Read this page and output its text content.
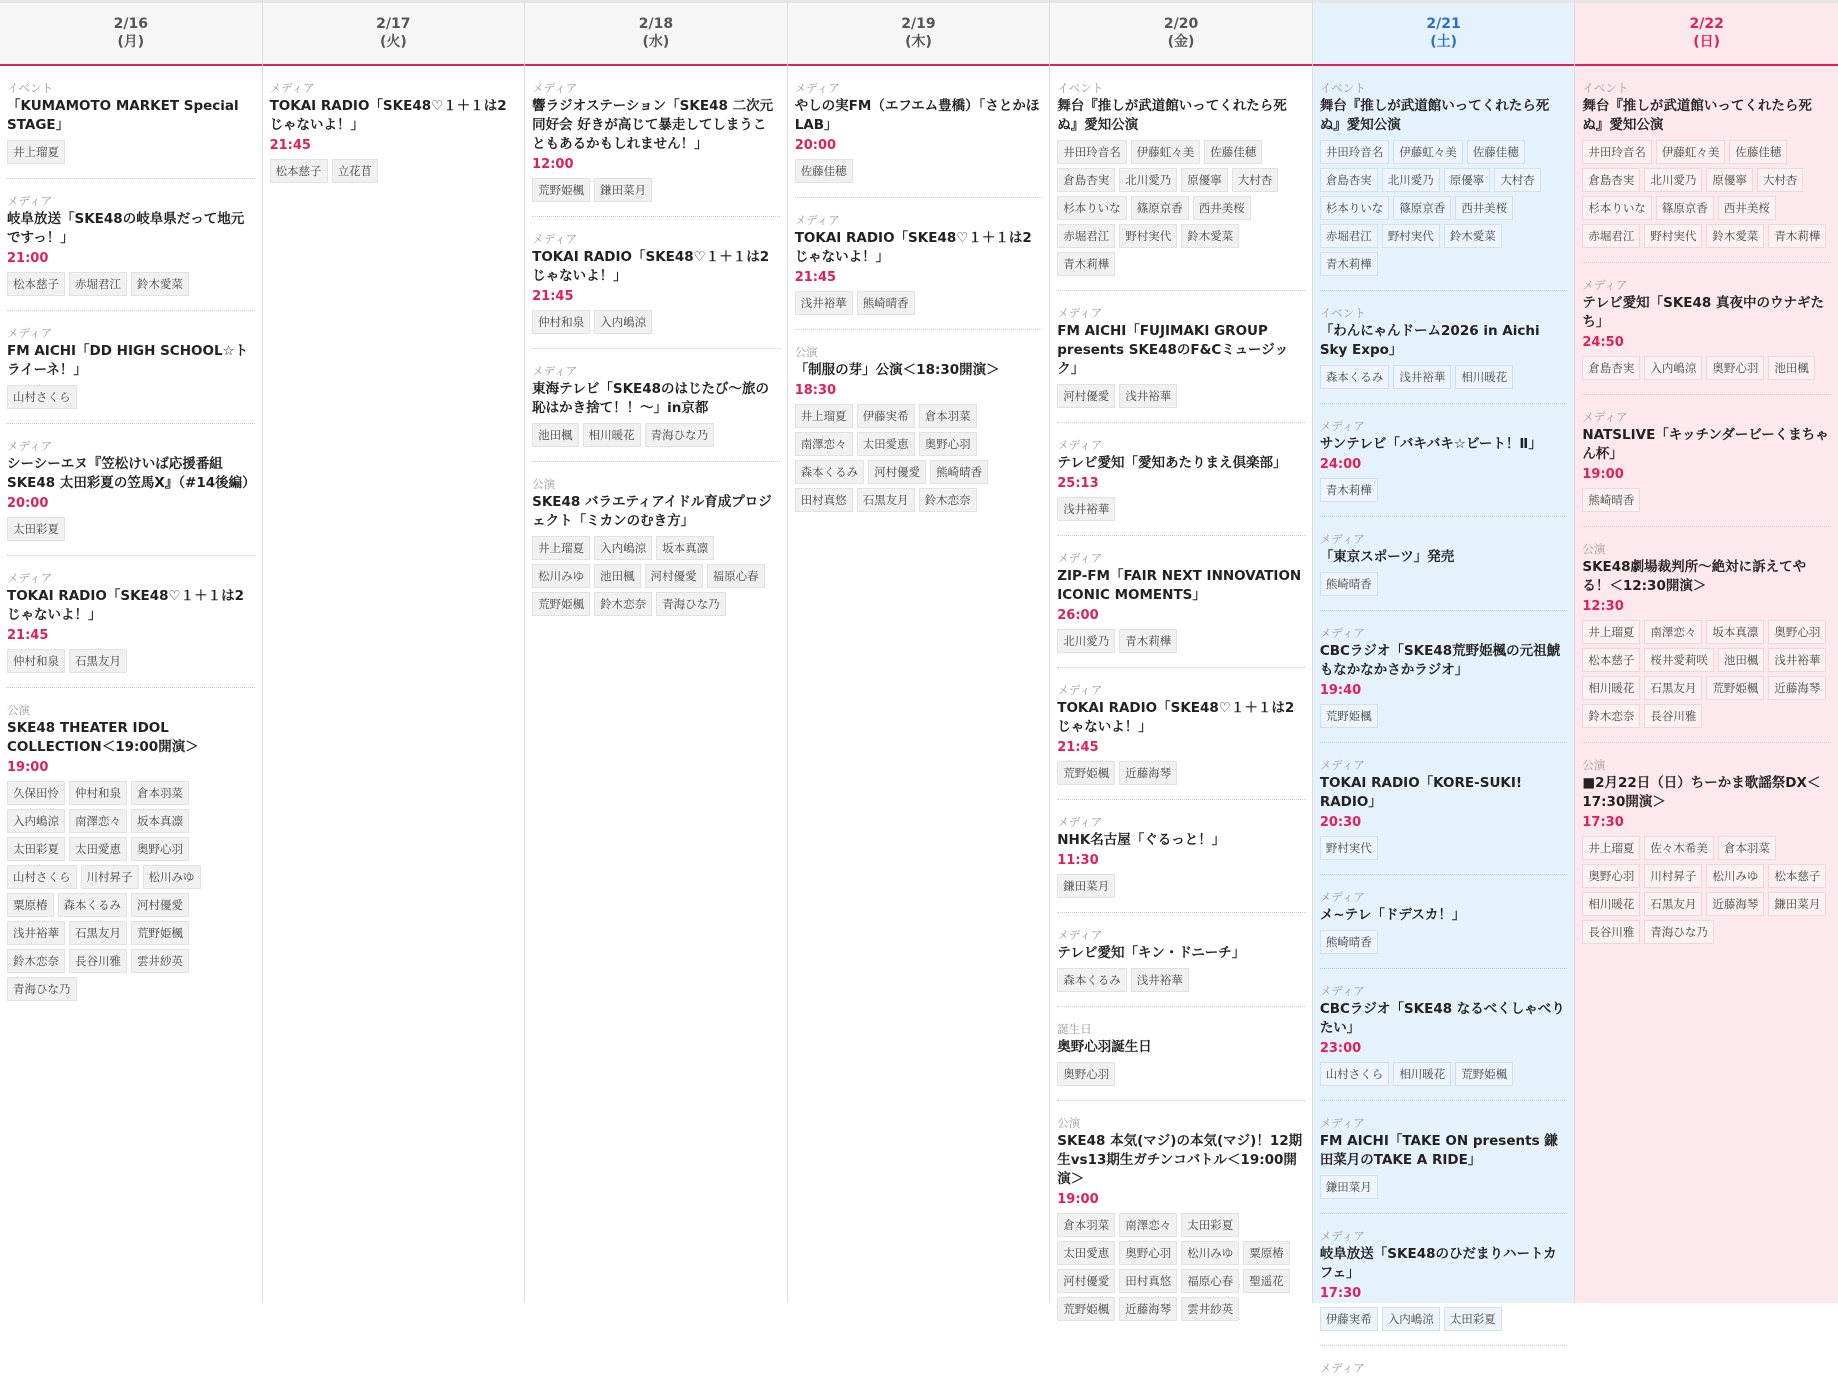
2/16
(月)
イベント
「KUMAMOTO MARKET Special STAGE」
井上瑠夏
メディア
岐阜放送「SKE48の岐阜県だって地元ですっ！」
21:00
松本慈子 赤堀君江 鈴木愛菜
メディア
FM AICHI「DD HIGH SCHOOL☆トライーネ！」
山村さくら
メディア
シーシーエヌ『笠松けいば応援番組 SKE48 太田彩夏の笠馬X』（#14後編）
20:00
太田彩夏
メディア
TOKAI RADIO「SKE48♡１＋１は2じゃないよ！」
21:45
仲村和泉 石黒友月
公演
SKE48 THEATER IDOL COLLECTION＜19:00開演＞
19:00
久保田怜 仲村和泉 倉本羽菜入内嶋涼 南澤恋々 坂本真凛太田彩夏 太田愛恵 奥野心羽山村さくら 川村昇子 松川みゆ粟原椿 森本くるみ 河村優愛浅井裕華 石黒友月 荒野姫楓鈴木恋奈 長谷川雅 雲井紗英青海ひな乃
2/17
(火)
メディア
TOKAI RADIO「SKE48♡１＋１は2じゃないよ！」
21:45
松本慈子 立花苜
2/18
(水)
メディア
響ラジオステーション「SKE48 二次元同好会 好きが高じて暴走してしまうこともあるかもしれません！」
12:00
荒野姫楓 鎌田菜月
メディア
TOKAI RADIO「SKE48♡１＋１は2じゃないよ！」
21:45
仲村和泉 入内嶋涼
メディア
東海テレビ「SKE48のはじたび～旅の恥はかき捨て！！～」in京都
池田楓 相川暖花 青海ひな乃
公演
SKE48 バラエティアイドル育成プロジェクト「ミカンのむき方」
井上瑠夏 入内嶋涼 坂本真凛松川みゆ 池田楓 河村優愛 福原心春荒野姫楓 鈴木恋奈 青海ひな乃
2/19
(木)
メディア
やしの実FM（エフエム豊橋）「さとかほLAB」
20:00
佐藤佳穂
メディア
TOKAI RADIO「SKE48♡１＋１は2じゃないよ！」
21:45
浅井裕華 熊崎晴香
公演
「制服の芽」公演＜18:30開演＞
18:30
井上瑠夏 伊藤実希 倉本羽菜南澤恋々 太田愛恵 奥野心羽森本くるみ 河村優愛 熊崎晴香田村真悠 石黒友月 鈴木恋奈
2/20
(金)
イベント
舞台『推しが武道館いってくれたら死ぬ』愛知公演
井田玲音名 伊藤虹々美 佐藤佳穂倉島杏実 北川愛乃 原優寧 大村杏杉本りいな 篠原京香 西井美桜赤堀君江 野村実代 鈴木愛菜青木莉樺
メディア
FM AICHI「FUJIMAKI GROUP presents SKE48のF&Cミュージック」
河村優愛 浅井裕華
メディア
テレビ愛知「愛知あたりまえ倶楽部」
25:13
浅井裕華
メディア
ZIP-FM「FAIR NEXT INNOVATION ICONIC MOMENTS」
26:00
北川愛乃 青木莉樺
メディア
TOKAI RADIO「SKE48♡１＋１は2じゃないよ！」
21:45
荒野姫楓 近藤海琴
メディア
NHK名古屋「ぐるっと！」
11:30
鎌田菜月
メディア
テレビ愛知「キン・ドニーチ」
森本くるみ 浅井裕華
誕生日
奥野心羽誕生日
奥野心羽
公演
SKE48 本気(マジ)の本気(マジ)！12期生vs13期生ガチンコバトル＜19:00開演＞
19:00
倉本羽菜 南澤恋々 太田彩夏太田愛恵 奥野心羽 松川みゆ 粟原椿河村優愛 田村真悠 福原心春 聖遥花荒野姫楓 近藤海琴 雲井紗英
2/21
(土)
イベント
舞台『推しが武道館いってくれたら死ぬ』愛知公演
井田玲音名 伊藤虹々美 佐藤佳穂倉島杏実 北川愛乃 原優寧 大村杏杉本りいな 篠原京香 西井美桜赤堀君江 野村実代 鈴木愛菜青木莉樺
イベント
「わんにゃんドーム2026 in Aichi Sky Expo」
森本くるみ 浅井裕華 相川暖花
メディア
サンテレビ「バキバキ☆ビート！Ⅱ」
24:00
青木莉樺
メディア
「東京スポーツ」発売
熊崎晴香
メディア
CBCラジオ「SKE48荒野姫楓の元祖鯱もなかなかさかラジオ」
19:40
荒野姫楓
メディア
TOKAI RADIO「KORE-SUKI! RADIO」
20:30
野村実代
メディア
メ~テレ「ドデスカ！」
熊崎晴香
メディア
CBCラジオ「SKE48 なるべくしゃべりたい」
23:00
山村さくら 相川暖花 荒野姫楓
メディア
FM AICHI「TAKE ON presents 鎌田菜月のTAKE A RIDE」
鎌田菜月
メディア
岐阜放送「SKE48のひだまりハートカフェ」
17:30
伊藤実希 入内嶋涼 太田彩夏
メディア
2/22
(日)
イベント
舞台『推しが武道館いってくれたら死ぬ』愛知公演
井田玲音名 伊藤虹々美 佐藤佳穂倉島杏実 北川愛乃 原優寧 大村杏杉本りいな 篠原京香 西井美桜赤堀君江 野村実代 鈴木愛菜 青木莉樺
メディア
テレビ愛知「SKE48 真夜中のウナギたち」
24:50
倉島杏実 入内嶋涼 奥野心羽 池田楓
メディア
NATSLIVE「キッチンダービーくまちゃん杯」
19:00
熊崎晴香
公演
SKE48劇場裁判所～絶対に訴えてやる！＜12:30開演＞
12:30
井上瑠夏 南澤恋々 坂本真凛 奥野心羽松本慈子 桜井愛莉咲 池田楓 浅井裕華相川暖花 石黒友月 荒野姫楓 近藤海琴鈴木恋奈 長谷川雅
公演
■2月22日（日）ちーかま歌謡祭DX＜17:30開演＞
17:30
井上瑠夏 佐々木希美 倉本羽菜奥野心羽 川村昇子 松川みゆ 松本慈子相川暖花 石黒友月 近藤海琴 鎌田菜月長谷川雅 青海ひな乃
